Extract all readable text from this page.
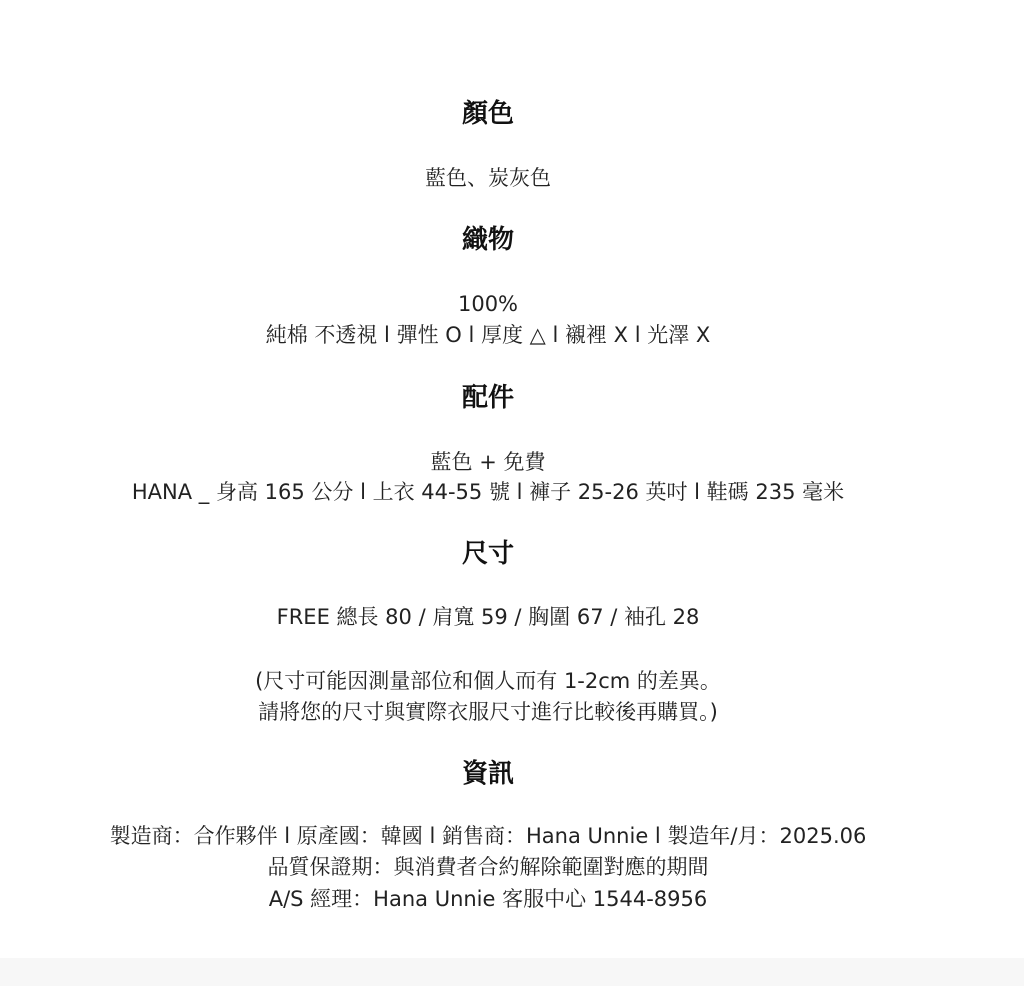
顏色
藍色、炭灰色
織物
100%
純棉 不透視 l 彈性 O l 厚度 △ l 襯裡 X l 光澤 X
配件
藍色 + 免費
HANA _ 身高 165 公分 l 上衣 44-55 號 l 褲子 25-26 英吋 l 鞋碼 235 毫米
尺寸
FREE 總長 80 / 肩寬 59 / 胸圍 67 / 袖孔 28
(尺寸可能因測量部位和個人而有 1-2cm 的差異。
請將您的尺寸與實際衣服尺寸進行比較後再購買。)
資訊
製造商：合作夥伴 l 原產國：韓國 l 銷售商：Hana Unnie l 製造年/月：2025.06
品質保證期：與消費者合約解除範圍對應的期間
A/S 經理：Hana Unnie 客服中心 1544-8956
